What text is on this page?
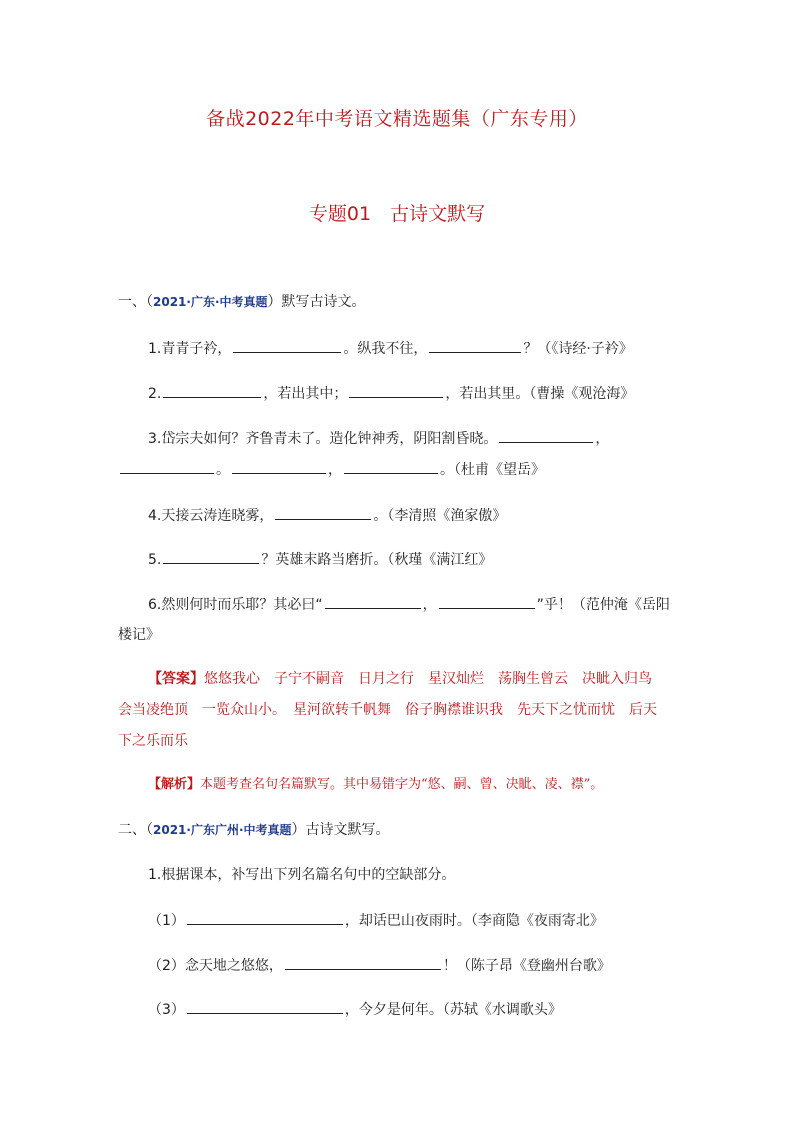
备战2022年中考语文精选题集（广东专用）
专题01　古诗文默写
一、（2021·广东·中考真题）默写古诗文。
1.青青子衿，	。纵我不往，	？（《诗经·子衿》
2.	，若出其中；	，若出其里。（曹操《观沧海》
3.岱宗夫如何？齐鲁青未了。造化钟神秀，阴阳割昏晓。	，
。	，	。（杜甫《望岳》
4.天接云涛连晓雾，	。（李清照《渔家傲》
5.	？英雄末路当磨折。（秋瑾《满江红》
6.然则何时而乐耶？其必曰“	，	”乎！（范仲淹《岳阳
楼记》
【答案】悠悠我心　子宁不嗣音　日月之行　星汉灿烂　荡胸生曾云　决眦入归鸟
会当凌绝顶　一览众山小。　星河欲转千帆舞　俗子胸襟谁识我　先天下之忧而忧　后天
下之乐而乐
【解析】本题考查名句名篇默写。其中易错字为“悠、嗣、曾、决眦、凌、襟”。
二、（2021·广东广州·中考真题）古诗文默写。
1.根据课本，补写出下列名篇名句中的空缺部分。
（1）	，却话巴山夜雨时。（李商隐《夜雨寄北》
（2）念天地之悠悠，	！（陈子昂《登幽州台歌》
（3）	，今夕是何年。（苏轼《水调歌头》
